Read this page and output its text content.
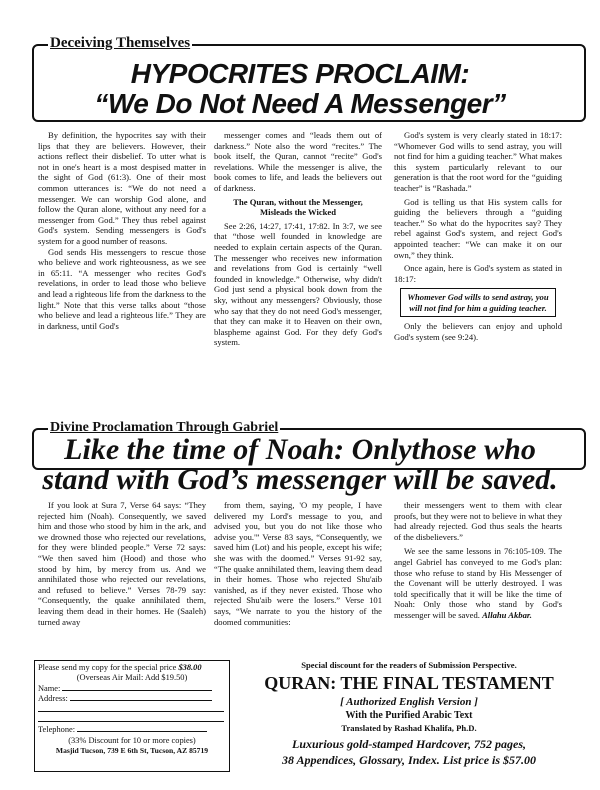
Deceiving Themselves
HYPOCRITES PROCLAIM:
“We Do Not Need A Messenger”

By definition, the hypocrites say with their lips that they are believers. However, their actions reflect their disbelief. To utter what is not in one's heart is a most despised matter in the sight of God (61:3). One of their most common utterances is: “We do not need a messenger. We can worship God alone, and follow the Quran alone, without any need for a messenger from God.” They thus rebel against God's system. Sending messengers is God's system for a good number of reasons.

God sends His messengers to rescue those who believe and work righteousness, as we see in 65:11. “A messenger who recites God's revelations, in order to lead those who believe and lead a righteous life from the darkness to the light.” Note that this verse talks about “those who believe and lead a righteous life.” They are in darkness, until God's

messenger comes and “leads them out of darkness.” Note also the word “recites.” The book itself, the Quran, cannot “recite” God's revelations. While the messenger is alive, the book comes to life, and leads the believers out of darkness.

The Quran, without the Messenger,
Misleads the Wicked

See 2:26, 14:27, 17:41, 17:82. In 3:7, we see that “those well founded in knowledge are needed to explain certain aspects of the Quran. The messenger who receives new information and revelations from God is certainly “well founded in knowledge.” Otherwise, why didn't God just send a physical book down from the sky, without any messengers? Obviously, those who say that they do not need God's messenger, that they can make it to Heaven on their own, blaspheme against God. For they defy God's system.

God's system is very clearly stated in 18:17: “Whomever God wills to send astray, you will not find for him a guiding teacher.” What makes this system particularly relevant to our generation is that the root word for the “guiding teacher” is “Rashada.”

God is telling us that His system calls for guiding the believers through a “guiding teacher.” So what do the hypocrites say? They rebel against God's system, and reject God's appointed teacher: “We can make it on our own,” they think.

Once again, here is God's system as stated in 18:17:

Whomever God wills to send astray, you will not find for him a guiding teacher.

Only the believers can enjoy and uphold God's system (see 9:24).

Divine Proclamation Through Gabriel
Like the time of Noah: Onlythose who
stand with God’s messenger will be saved.

If you look at Sura 7, Verse 64 says: “They rejected him (Noah). Consequently, we saved him and those who stood by him in the ark, and we drowned those who rejected our revelations, for they were blinded people.” Verse 72 says: “We then saved him (Hood) and those who stood by him, by mercy from us. And we annihilated those who rejected our revelations, and refused to believe.” Verses 78-79 say: “Consequently, the quake annihilated them, leaving them dead in their homes. He (Saaleh) turned away

from them, saying, 'O my people, I have delivered my Lord's message to you, and advised you, but you do not like those who advise you.'” Verse 83 says, “Consequently, we saved him (Lot) and his people, except his wife; she was with the doomed.” Verses 91-92 say, “The quake annihilated them, leaving them dead in their homes. Those who rejected Shu'aib vanished, as if they never existed. Those who rejected Shu'aib were the losers.” Verse 101 says, “We narrate to you the history of the doomed communities:

their messengers went to them with clear proofs, but they were not to believe in what they had already rejected. God thus seals the hearts of the disbelievers.”

We see the same lessons in 76:105-109. The angel Gabriel has conveyed to me God's plan: those who refuse to stand by His Messenger of the Covenant will be utterly destroyed. I was told specifically that it will be like the time of Noah: Only those who stand by God's messenger will be saved. Allahu Akbar.

Please send my copy for the special price $38.00
(Overseas Air Mail: Add $19.50)
Name:
Address:
Telephone:
(33% Discount for 10 or more copies)
Masjid Tucson, 739 E 6th St, Tucson, AZ 85719
Special discount for the readers of Submission Perspective.
QURAN: THE FINAL TESTAMENT
[ Authorized English Version ]
With the Purified Arabic Text
Translated by Rashad Khalifa, Ph.D.
Luxurious gold-stamped Hardcover, 752 pages,
38 Appendices, Glossary, Index. List price is $57.00
